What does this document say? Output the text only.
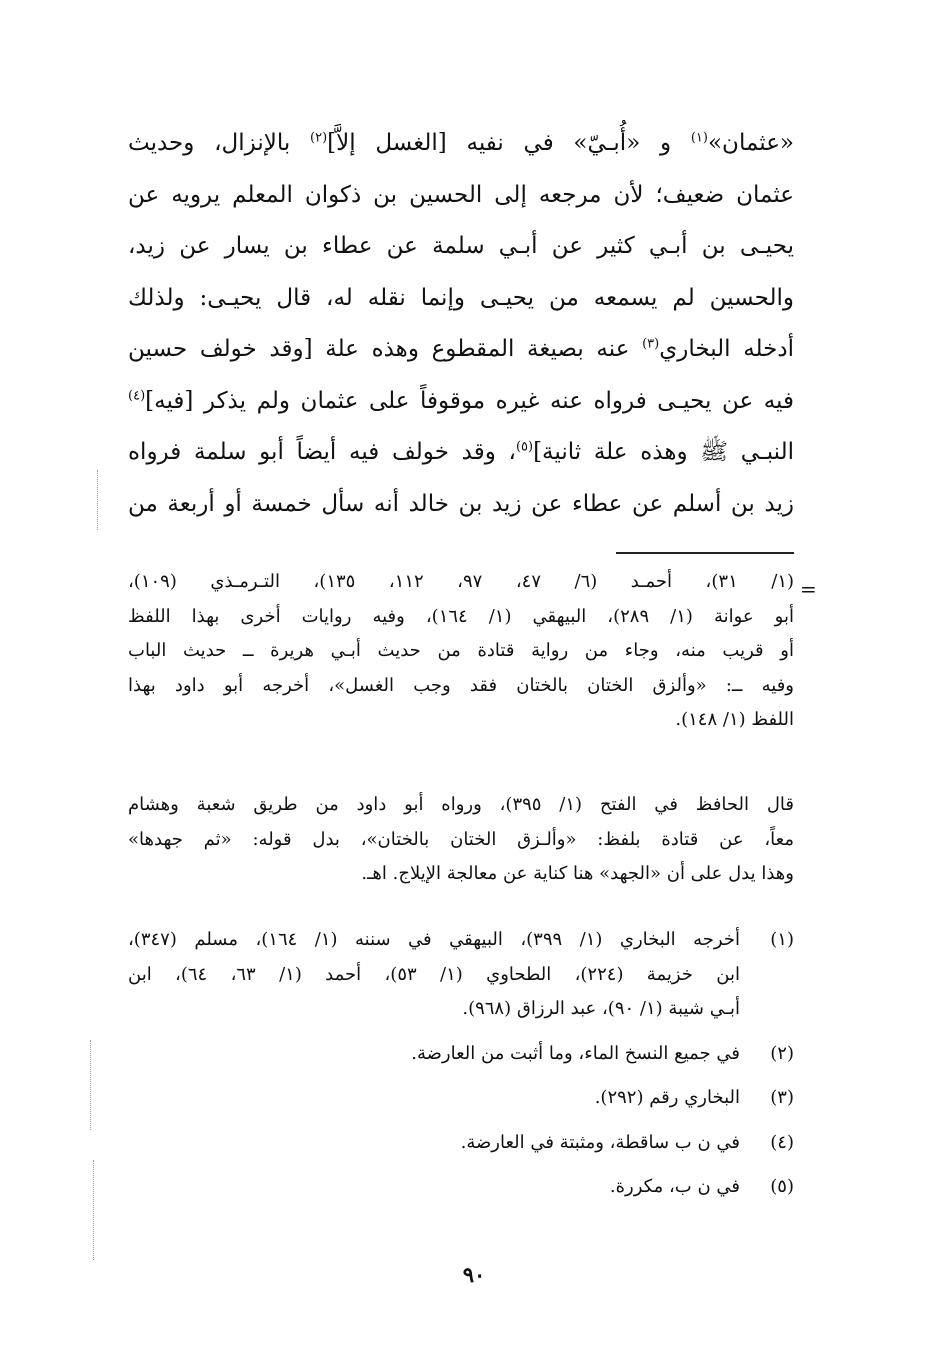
«عثمان»$^{(١)}$ و «أُبـيّ» في نفيه [الغسل إلاَّ]$^{(٢)}$ بالإنزال، وحديث
عثمان ضعيف؛ لأن مرجعه إلى الحسين بن ذكوان المعلم يرويه عن
يحيـى بن أبـي كثير عن أبـي سلمة عن عطاء بن يسار عن زيد،
والحسين لم يسمعه من يحيـى وإنما نقله له، قال يحيـى: ولذلك
أدخله البخاري$^{(٣)}$ عنه بصيغة المقطوع وهذه علة [وقد خولف حسين
فيه عن يحيـى فرواه عنه غيره موقوفاً على عثمان ولم يذكر [فيه]$^{(٤)}$
النبـي ﷺ وهذه علة ثانية]$^{(٥)}$، وقد خولف فيه أيضاً أبو سلمة فرواه
زيد بن أسلم عن عطاء عن زيد بن خالد أنه سأل خمسة أو أربعة من
=
(١/ ٣١)، أحمـد (٦/ ٤٧، ٩٧، ١١٢، ١٣٥)، التـرمـذي (١٠٩)،
أبو عوانة (١/ ٢٨٩)، البيهقي (١/ ١٦٤)، وفيه روايات أخرى بهذا اللفظ
أو قريب منه، وجاء من رواية قتادة من حديث أبـي هريرة ــ حديث الباب
وفيه ــ: «وألزق الختان بالختان فقد وجب الغسل»، أخرجه أبو داود بهذا
اللفظ (١/ ١٤٨).
قال الحافظ في الفتح (١/ ٣٩٥)، ورواه أبو داود من طريق شعبة وهشام
معاً، عن قتادة بلفظ: «وألـزق الختان بالختان»، بدل قوله: «ثم جهدها»
وهذا يدل على أن «الجهد» هنا كناية عن معالجة الإيلاج. اهـ.
(١)
أخرجه البخاري (١/ ٣٩٩)، البيهقي في سننه (١/ ١٦٤)، مسلم (٣٤٧)،
ابن خزيمة (٢٢٤)، الطحاوي (١/ ٥٣)، أحمد (١/ ٦٣، ٦٤)، ابن
أبـي شيبة (١/ ٩٠)، عبد الرزاق (٩٦٨).
(٢)
في جميع النسخ الماء، وما أثبت من العارضة.
(٣)
البخاري رقم (٢٩٢).
(٤)
في ن ب ساقطة، ومثبتة في العارضة.
(٥)
في ن ب، مكررة.
٩٠
